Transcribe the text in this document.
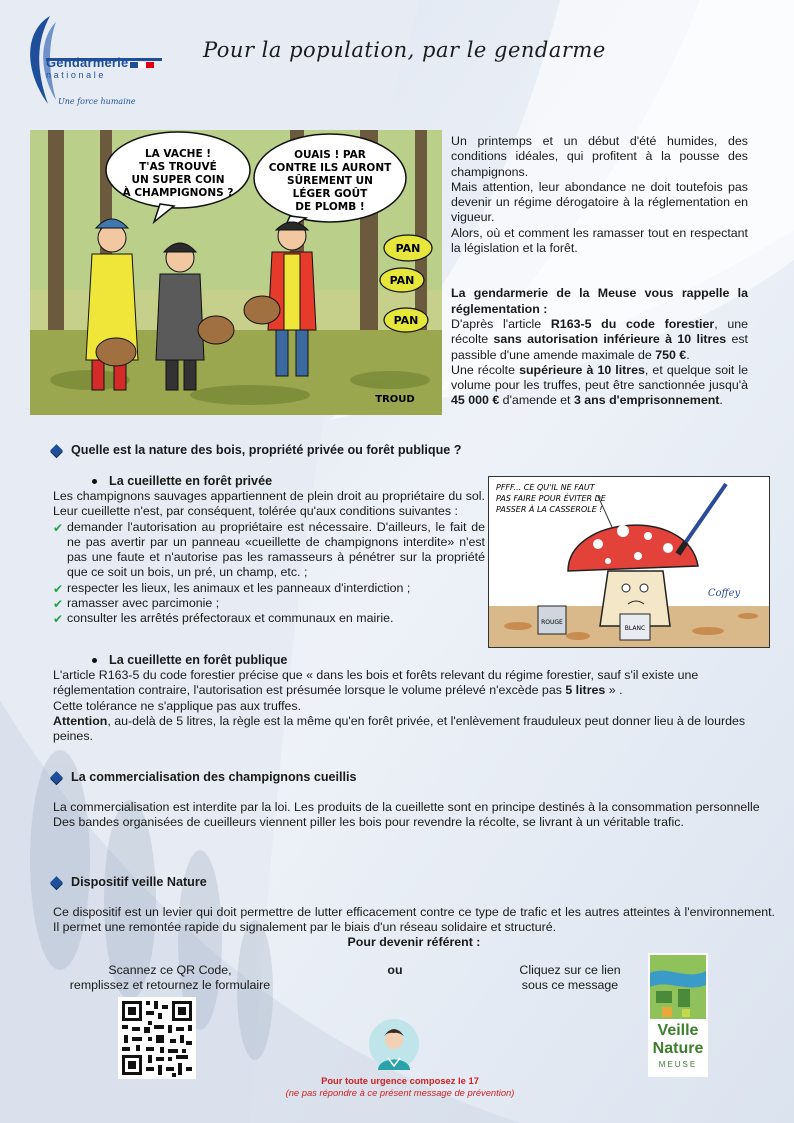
Gendarmerie
nationale
Une force humaine
Pour la population, par le gendarme
LA VACHE !
T'AS TROUVÉ
UN SUPER COIN
À CHAMPIGNONS ?
OUAIS ! PAR
CONTRE ILS AURONT
SÛREMENT UN
LÉGER GOÛT
DE PLOMB !
PAN
PAN
PAN
TROUD

Un printemps et un début d'été humides, des conditions idéales, qui profitent à la pousse des champignons.

Mais attention, leur abondance ne doit toutefois pas devenir un régime dérogatoire à la réglementation en vigueur.

Alors, où et comment les ramasser tout en respectant la législation et la forêt.

La gendarmerie de la Meuse vous rappelle la réglementation :

D'après l'article R163-5 du code forestier, une récolte sans autorisation inférieure à 10 litres est passible d'une amende maximale de 750 €.

Une récolte supérieure à 10 litres, et quelque soit le volume pour les truffes, peut être sanctionnée jusqu'à 45 000 € d'amende et 3 ans d'emprisonnement.

Quelle est la nature des bois, propriété privée ou forêt publique ?
La cueillette en forêt privée

Les champignons sauvages appartiennent de plein droit au propriétaire du sol. Leur cueillette n'est, par conséquent, tolérée qu'aux conditions suivantes :

✔ demander l'autorisation au propriétaire est nécessaire. D'ailleurs, le fait de ne pas avertir par un panneau «cueillette de champignons interdite» n'est pas une faute et n'autorise pas les ramasseurs à pénétrer sur la propriété que ce soit un bois, un pré, un champ, etc. ;
✔ respecter les lieux, les animaux et les panneaux d'interdiction ;
✔ ramasser avec parcimonie ;
✔ consulter les arrêtés préfectoraux et communaux en mairie.
PFFF... CE QU'IL NE FAUT
PAS FAIRE POUR ÉVITER DE
PASSER À LA CASSEROLE !
ROUGE
BLANC
Coffey
La cueillette en forêt publique

L'article R163-5 du code forestier précise que « dans les bois et forêts relevant du régime forestier, sauf s'il existe une réglementation contraire, l'autorisation est présumée lorsque le volume prélevé n'excède pas 5 litres » .

Cette tolérance ne s'applique pas aux truffes.

Attention, au-delà de 5 litres, la règle est la même qu'en forêt privée, et l'enlèvement frauduleux peut donner lieu à de lourdes peines.

La commercialisation des champignons cueillis

La commercialisation est interdite par la loi. Les produits de la cueillette sont en principe destinés à la consommation personnelle

Des bandes organisées de cueilleurs viennent piller les bois pour revendre la récolte, se livrant à un véritable trafic.

Dispositif veille Nature

Ce dispositif est un levier qui doit permettre de lutter efficacement contre ce type de trafic et les autres atteintes à l'environnement. Il permet une remontée rapide du signalement par le biais d'un réseau solidaire et structuré.

Pour devenir référent :

Scannez ce QR Code,

remplissez et retournez le formulaire

ou	Cliquez sur ce lien

sous ce message

Veille
Nature
MEUSE
Pour toute urgence composez le 17
(ne pas répondre à ce présent message de prévention)
